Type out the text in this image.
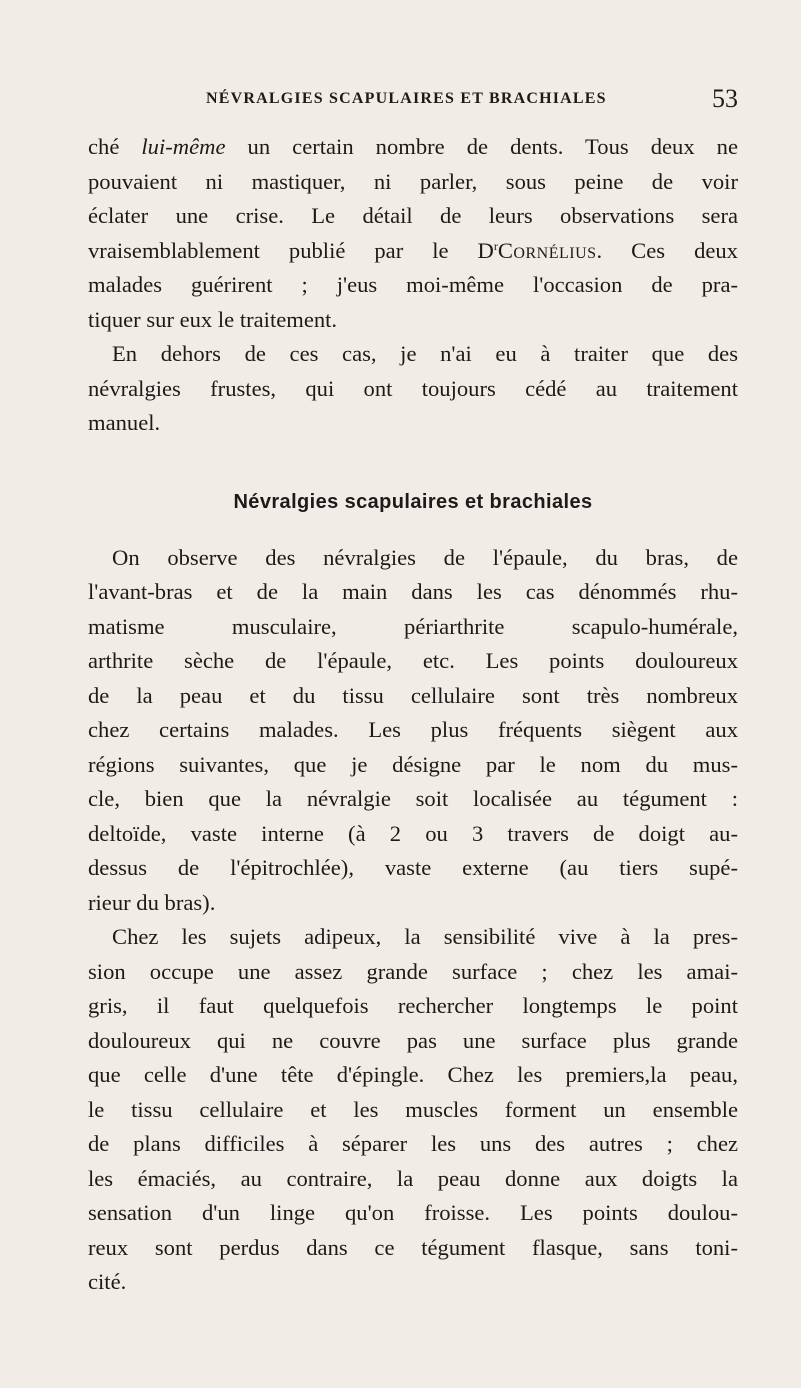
NÉVRALGIES SCAPULAIRES ET BRACHIALES	53
ché lui-même un certain nombre de dents. Tous deux ne
pouvaient ni mastiquer, ni parler, sous peine de voir
éclater une crise. Le détail de leurs observations sera
vraisemblablement publié par le $D^rCornélius$. Ces deux
malades guérirent ; j'eus moi-même l'occasion de pra-
tiquer sur eux le traitement.
En dehors de ces cas, je n'ai eu à traiter que des
névralgies frustes, qui ont toujours cédé au traitement
manuel.
Névralgies scapulaires et brachiales
On observe des névralgies de l'épaule, du bras, de
l'avant-bras et de la main dans les cas dénommés rhu-
matisme musculaire, périarthrite scapulo-humérale,
arthrite sèche de l'épaule, etc. Les points douloureux
de la peau et du tissu cellulaire sont très nombreux
chez certains malades. Les plus fréquents siègent aux
régions suivantes, que je désigne par le nom du mus-
cle, bien que la névralgie soit localisée au tégument :
deltoïde, vaste interne (à 2 ou 3 travers de doigt au-
dessus de l'épitrochlée), vaste externe (au tiers supé-
rieur du bras).
Chez les sujets adipeux, la sensibilité vive à la pres-
sion occupe une assez grande surface ; chez les amai-
gris, il faut quelquefois rechercher longtemps le point
douloureux qui ne couvre pas une surface plus grande
que celle d'une tête d'épingle. Chez les premiers,la peau,
le tissu cellulaire et les muscles forment un ensemble
de plans difficiles à séparer les uns des autres ; chez
les émaciés, au contraire, la peau donne aux doigts la
sensation d'un linge qu'on froisse. Les points doulou-
reux sont perdus dans ce tégument flasque, sans toni-
cité.
